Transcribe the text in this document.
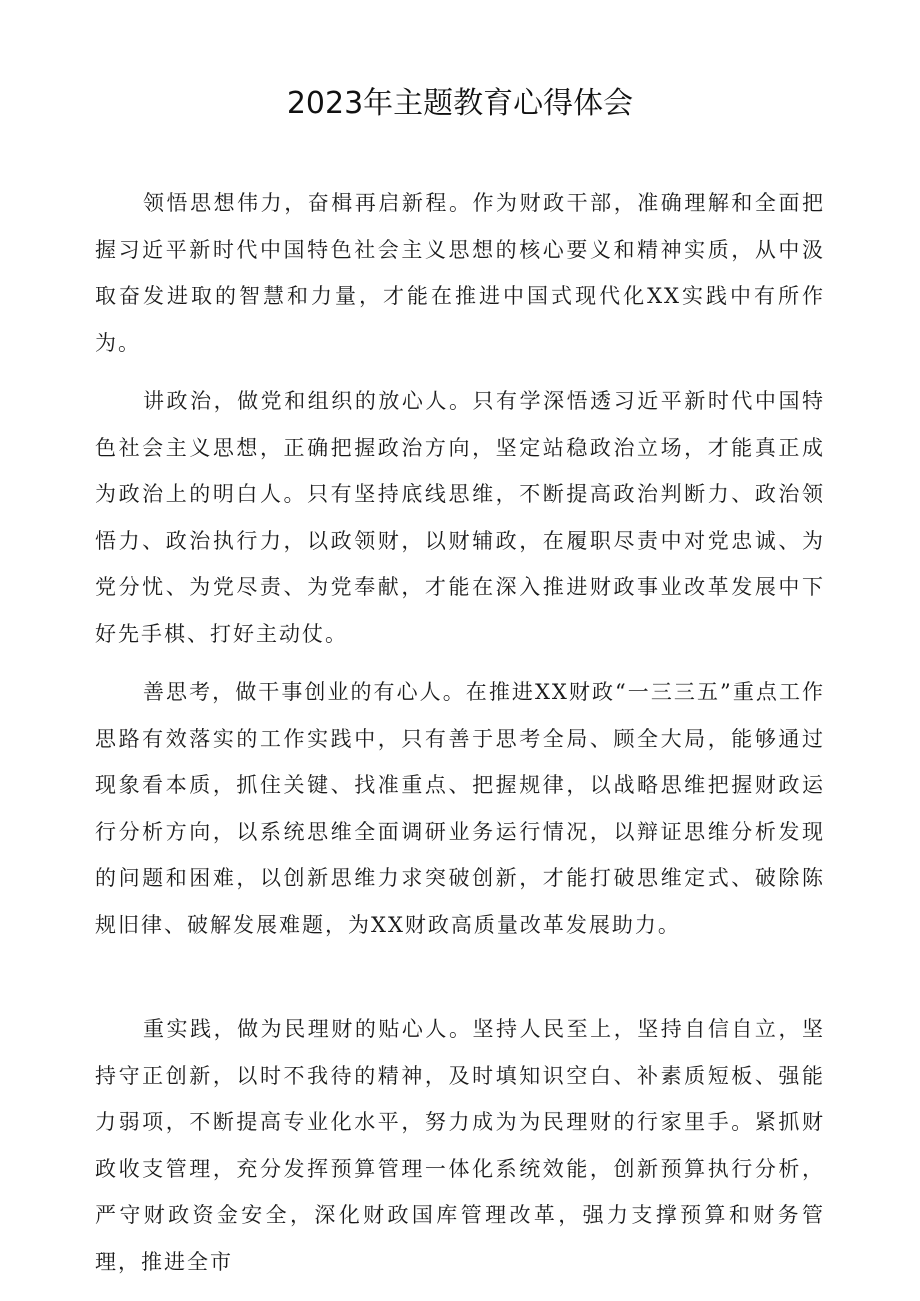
2023年主题教育心得体会

领悟思想伟力，奋楫再启新程。作为财政干部，准确理解和全面把握习近平新时代中国特色社会主义思想的核心要义和精神实质，从中汲取奋发进取的智慧和力量，才能在推进中国式现代化XX实践中有所作为。

讲政治，做党和组织的放心人。只有学深悟透习近平新时代中国特色社会主义思想，正确把握政治方向，坚定站稳政治立场，才能真正成为政治上的明白人。只有坚持底线思维，不断提高政治判断力、政治领悟力、政治执行力，以政领财，以财辅政，在履职尽责中对党忠诚、为党分忧、为党尽责、为党奉献，才能在深入推进财政事业改革发展中下好先手棋、打好主动仗。

善思考，做干事创业的有心人。在推进XX财政“一三三五”重点工作思路有效落实的工作实践中，只有善于思考全局、顾全大局，能够通过现象看本质，抓住关键、找准重点、把握规律，以战略思维把握财政运行分析方向，以系统思维全面调研业务运行情况，以辩证思维分析发现的问题和困难，以创新思维力求突破创新，才能打破思维定式、破除陈规旧律、破解发展难题，为XX财政高质量改革发展助力。

重实践，做为民理财的贴心人。坚持人民至上，坚持自信自立，坚持守正创新，以时不我待的精神，及时填知识空白、补素质短板、强能力弱项，不断提高专业化水平，努力成为为民理财的行家里手。紧抓财政收支管理，充分发挥预算管理一体化系统效能，创新预算执行分析，严守财政资金安全，深化财政国库管理改革，强力支撑预算和财务管理，推进全市
